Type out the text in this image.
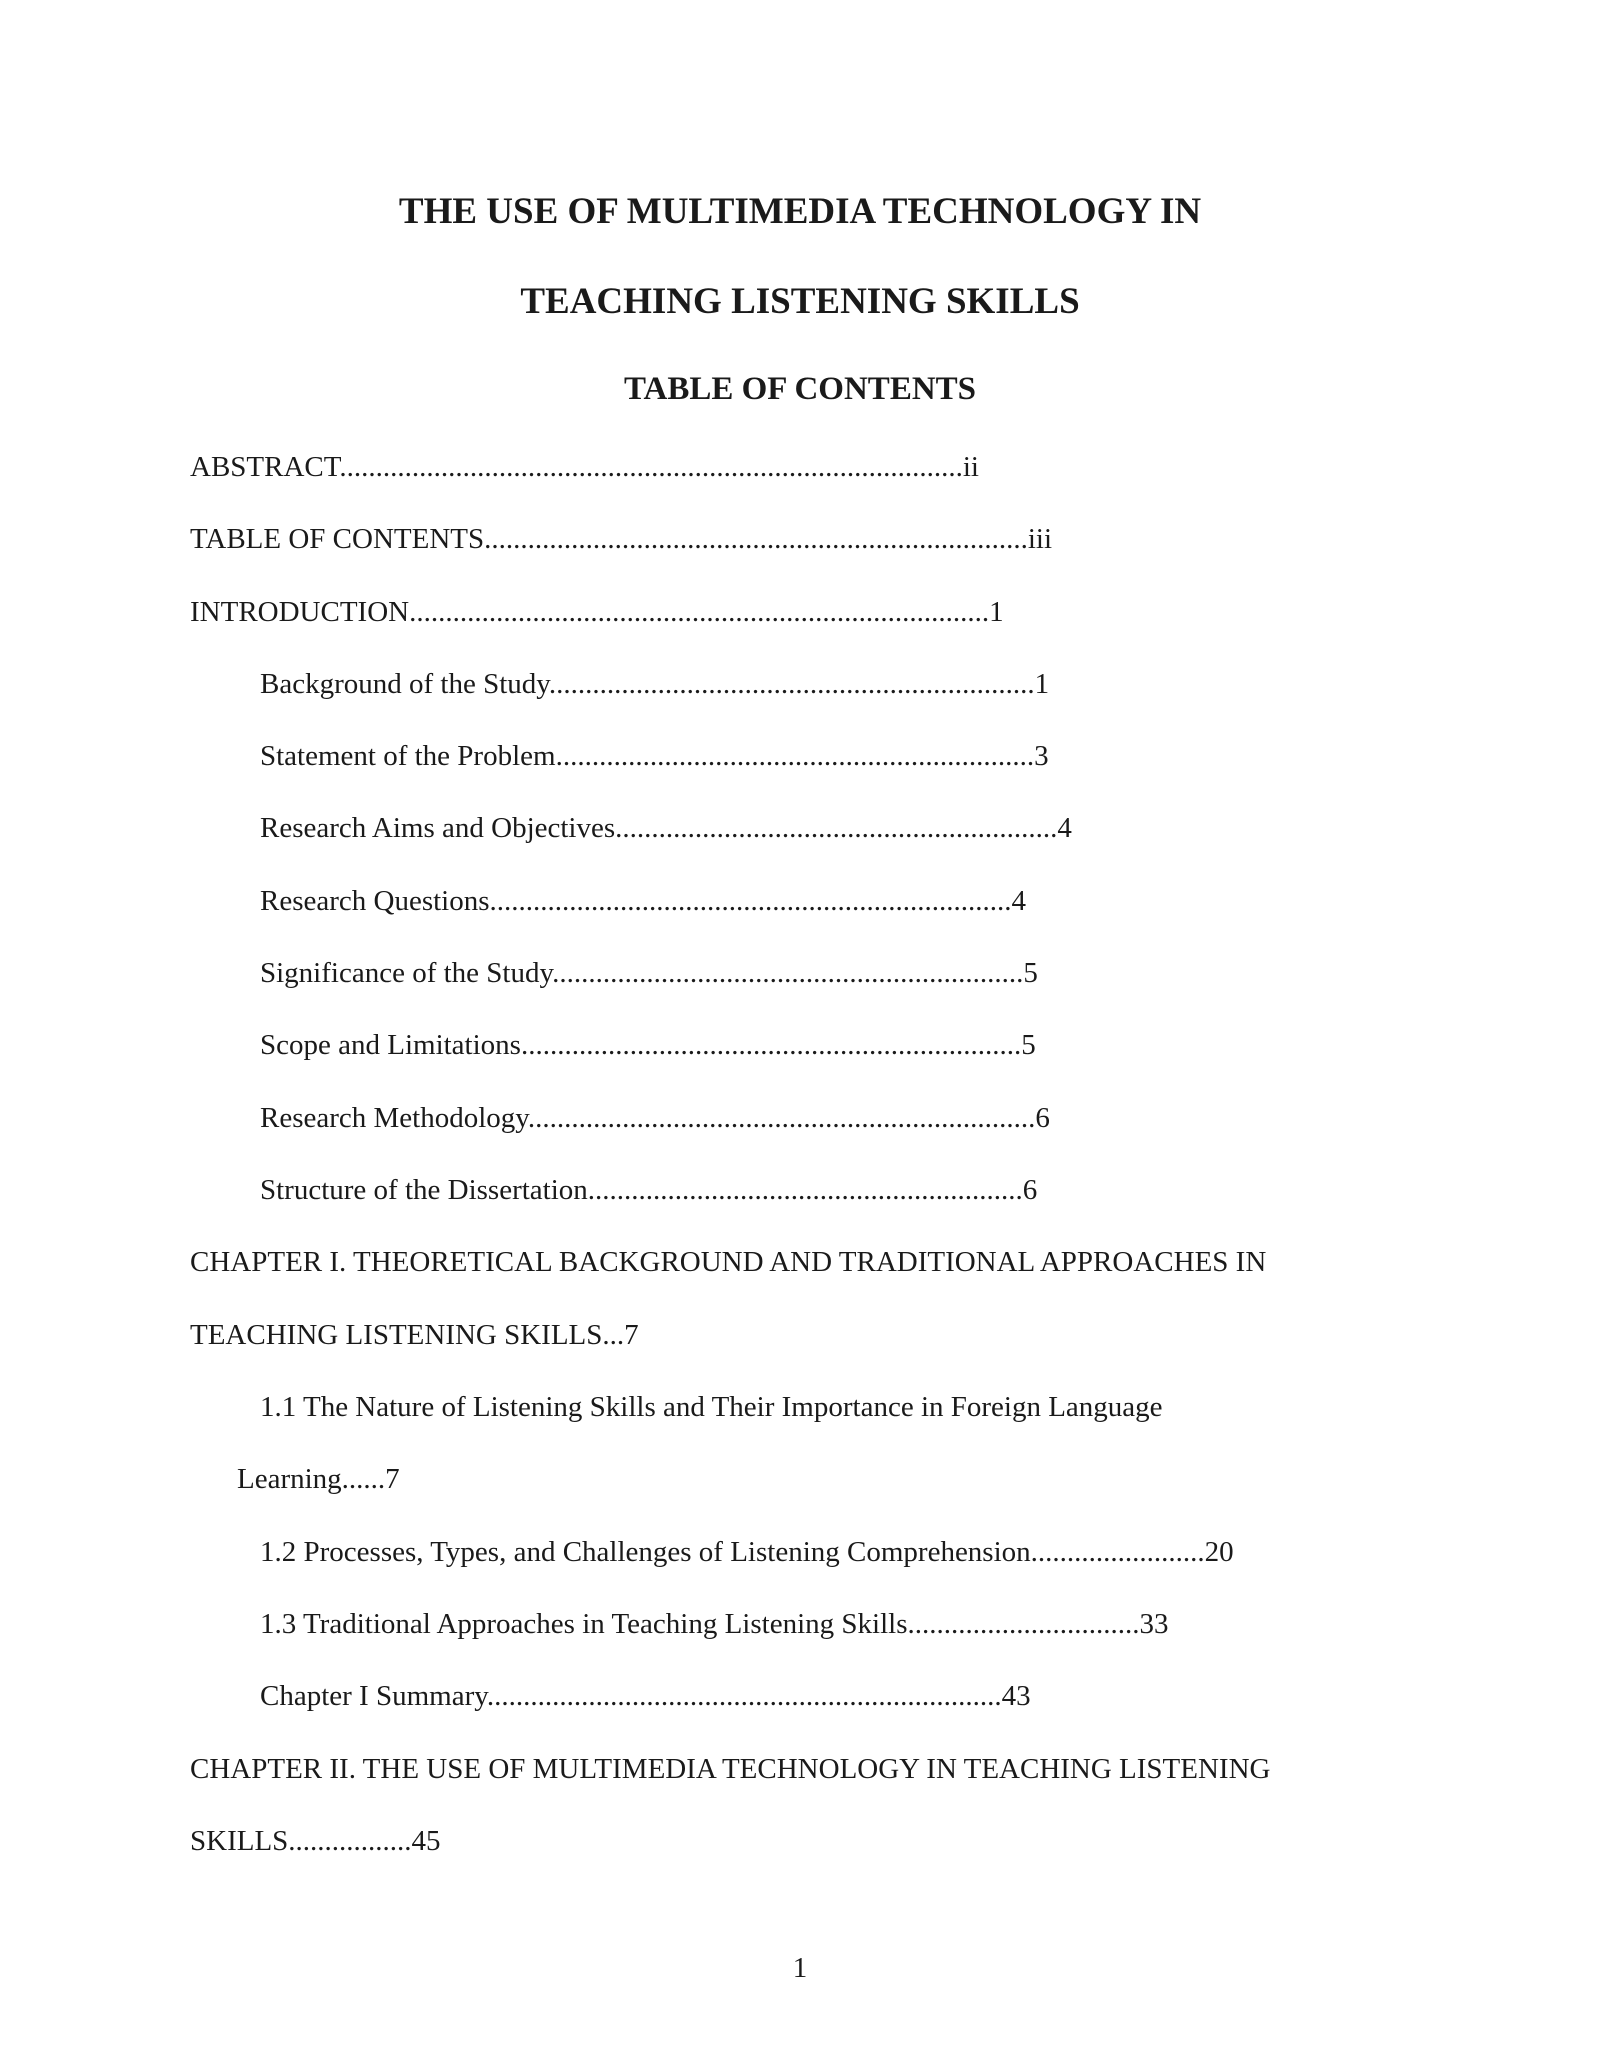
THE USE OF MULTIMEDIA TECHNOLOGY IN
TEACHING LISTENING SKILLS
TABLE OF CONTENTS

ABSTRACT......................................................................................ii

TABLE OF CONTENTS...........................................................................iii

INTRODUCTION................................................................................1

Background of the Study...................................................................1

Statement of the Problem..................................................................3

Research Aims and Objectives.............................................................4

Research Questions........................................................................4

Significance of the Study.................................................................5

Scope and Limitations.....................................................................5

Research Methodology......................................................................6

Structure of the Dissertation............................................................6

CHAPTER I. THEORETICAL BACKGROUND AND TRADITIONAL APPROACHES IN

TEACHING LISTENING SKILLS...7

1.1 The Nature of Listening Skills and Their Importance in Foreign Language

Learning......7

1.2 Processes, Types, and Challenges of Listening Comprehension........................20

1.3 Traditional Approaches in Teaching Listening Skills................................33

Chapter I Summary.......................................................................43

CHAPTER II. THE USE OF MULTIMEDIA TECHNOLOGY IN TEACHING LISTENING

SKILLS.................45

1
